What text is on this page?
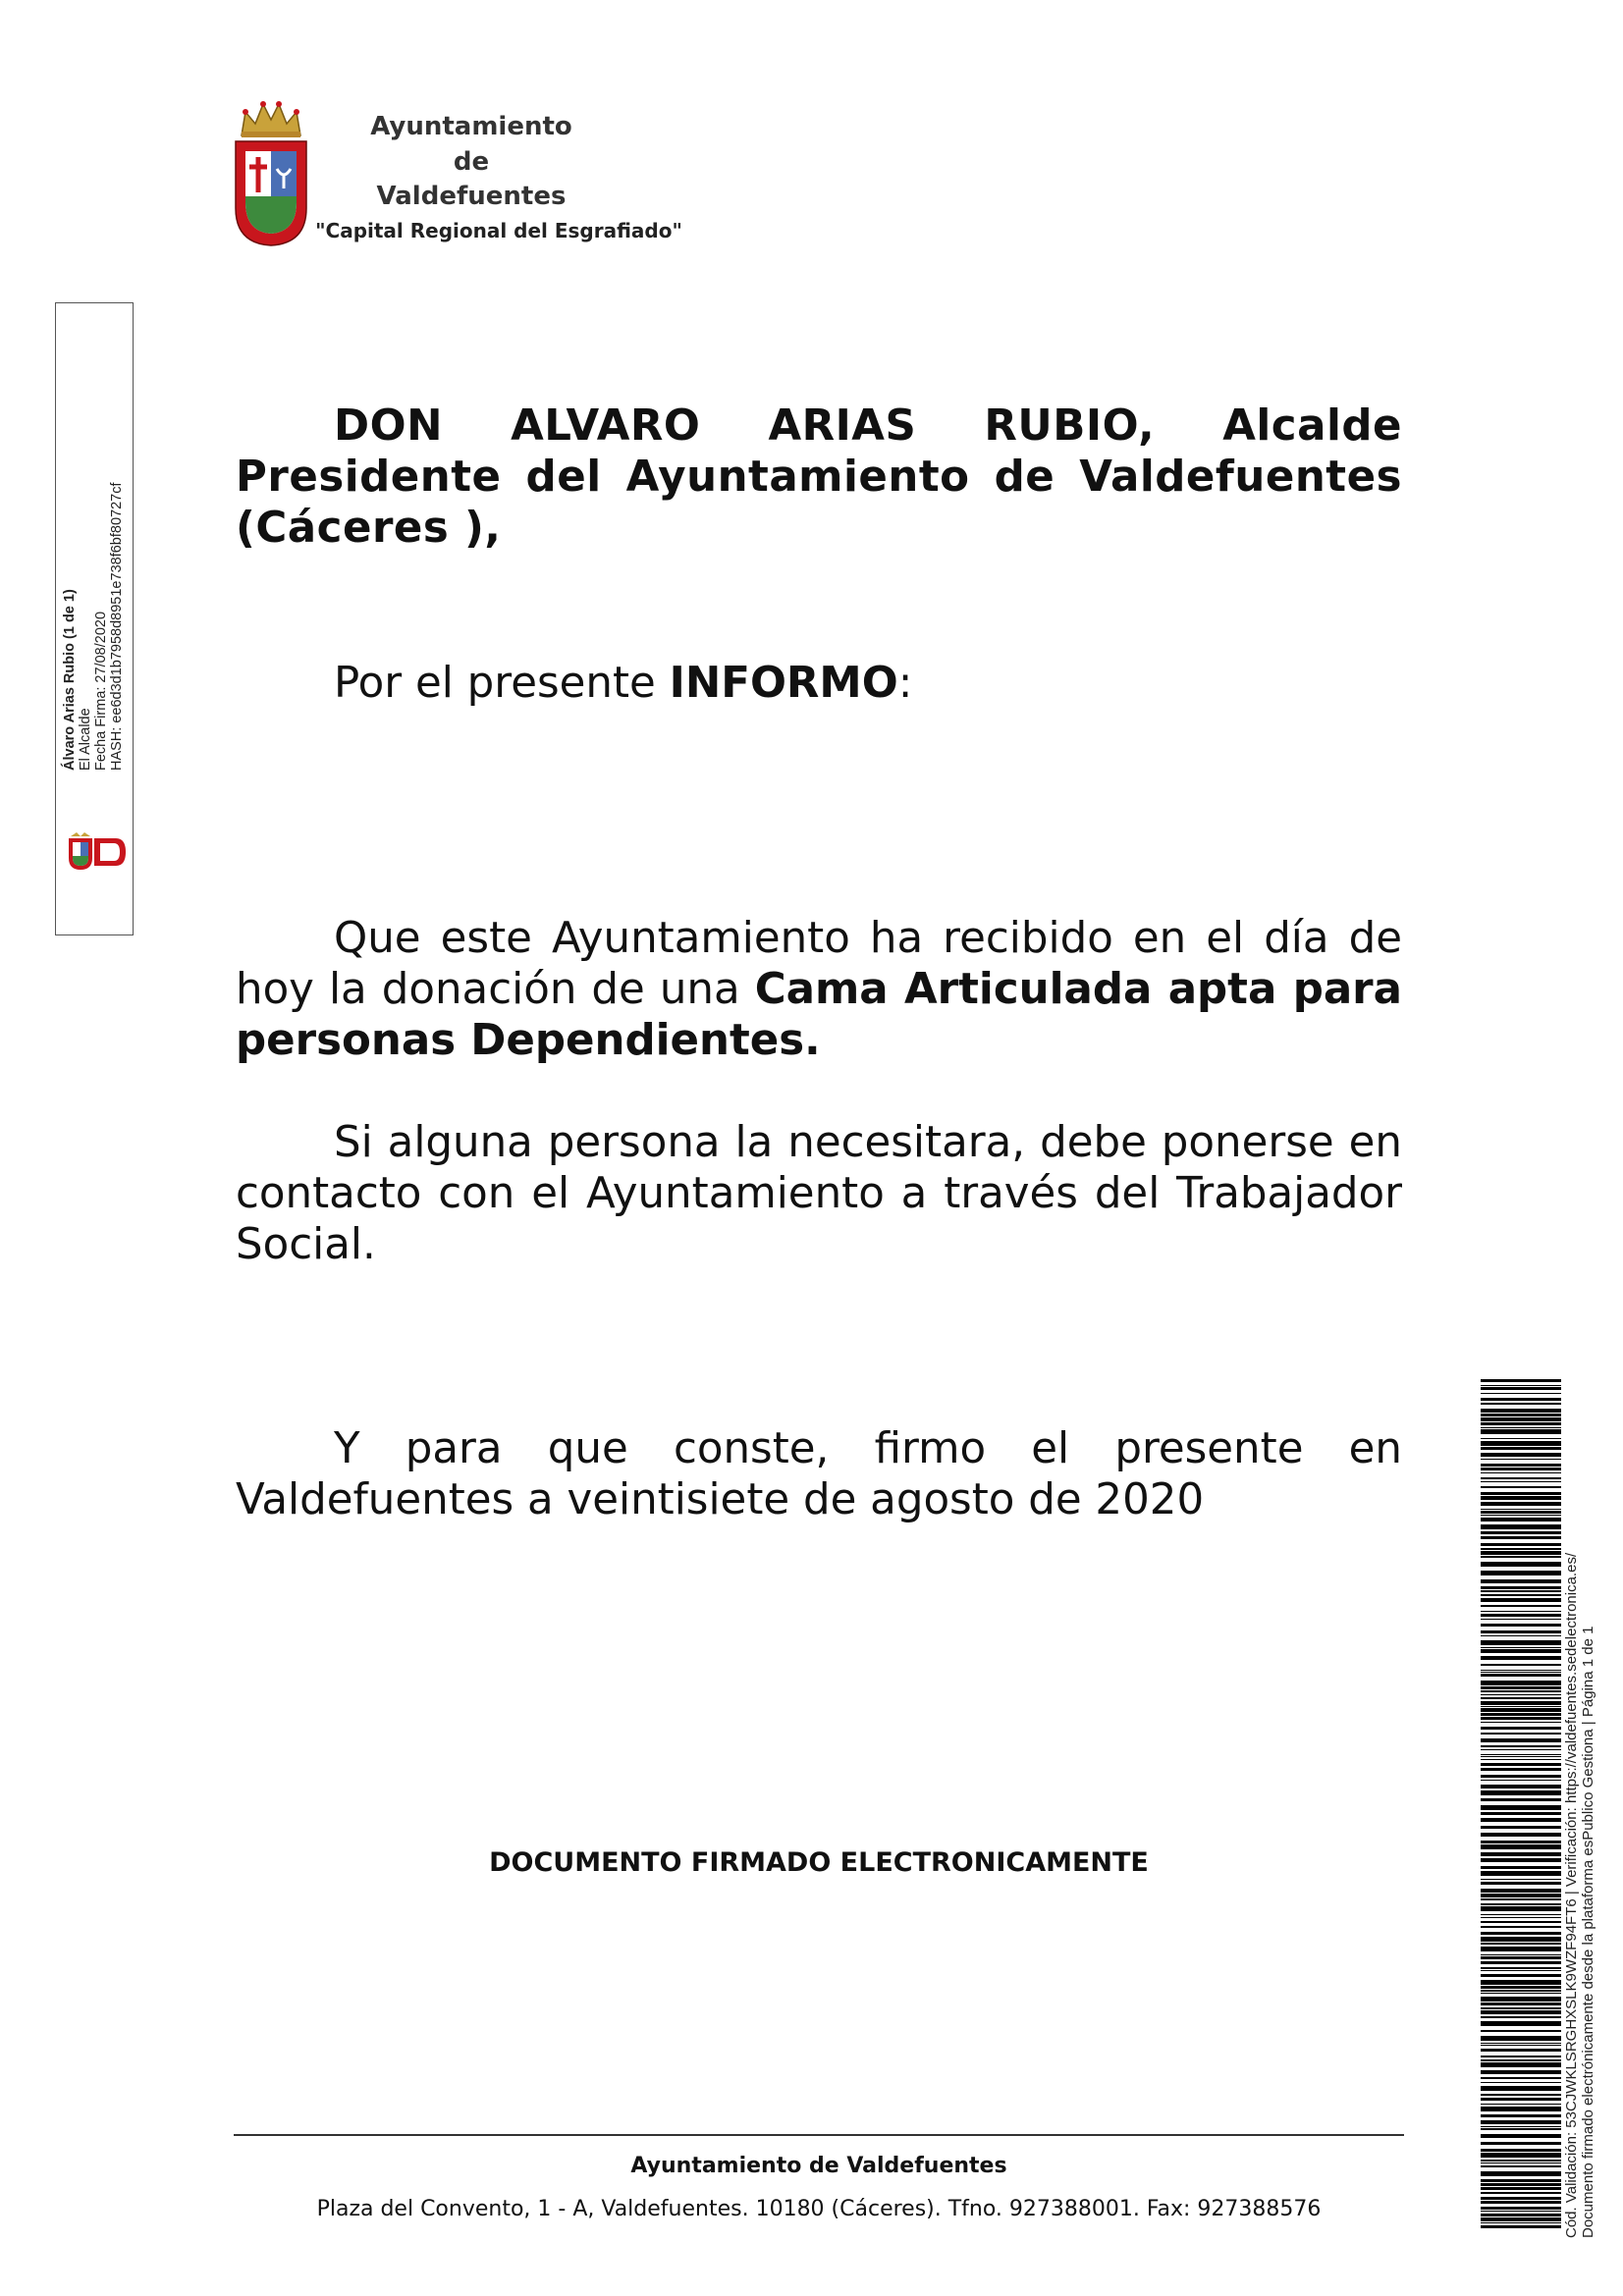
Ayuntamiento
de
Valdefuentes
"Capital Regional del Esgrafiado"
Álvaro Arias Rubio (1 de 1) El Alcalde Fecha Firma: 27/08/2020 HASH: ee6d3d1b7958d8951e738f6bf80727cf
DON ALVARO ARIAS RUBIO, Alcalde Presidente del Ayuntamiento de Valdefuentes (Cáceres ),
Por el presente INFORMO:
Que este Ayuntamiento ha recibido en el día de hoy la donación de una Cama Articulada apta para personas Dependientes.
Si alguna persona la necesitara, debe ponerse en contacto con el Ayuntamiento a través del Trabajador Social.
Y para que conste, firmo el presente en Valdefuentes a veintisiete de agosto de 2020
DOCUMENTO FIRMADO ELECTRONICAMENTE
Ayuntamiento de Valdefuentes
Plaza del Convento, 1 - A, Valdefuentes. 10180 (Cáceres). Tfno. 927388001. Fax: 927388576	Cód. Validación: 53CJWKLSRGHXSLK9WZF94FT6 | Verificación: https://valdefuentes.sedelectronica.es/ Documento firmado electrónicamente desde la plataforma esPublico Gestiona | Página 1 de 1
